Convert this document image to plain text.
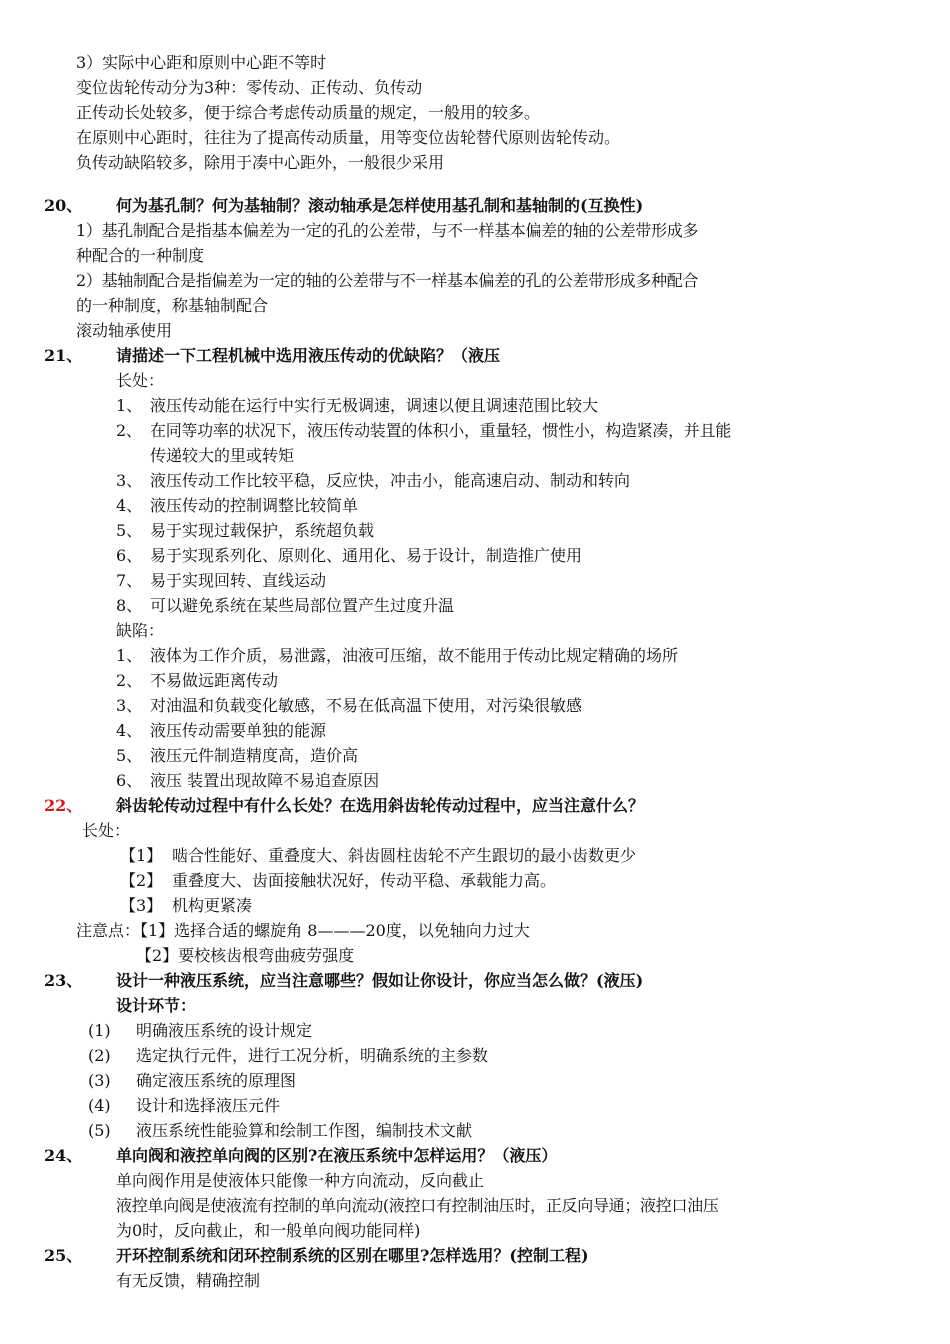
3）实际中心距和原则中心距不等时
变位齿轮传动分为3种：零传动、正传动、负传动
正传动长处较多，便于综合考虑传动质量的规定，一般用的较多。
在原则中心距时，往往为了提高传动质量，用等变位齿轮替代原则齿轮传动。
负传动缺陷较多，除用于凑中心距外，一般很少采用
20、 何为基孔制？何为基轴制？滚动轴承是怎样使用基孔制和基轴制的(互换性)
1）基孔制配合是指基本偏差为一定的孔的公差带，与不一样基本偏差的轴的公差带形成多
种配合的一种制度
2）基轴制配合是指偏差为一定的轴的公差带与不一样基本偏差的孔的公差带形成多种配合
的一种制度，称基轴制配合
滚动轴承使用
21、 请描述一下工程机械中选用液压传动的优缺陷？（液压
长处：
1、 液压传动能在运行中实行无极调速，调速以便且调速范围比较大
2、 在同等功率的状况下，液压传动装置的体积小，重量轻，惯性小，构造紧凑，并且能
传递较大的里或转矩
3、 液压传动工作比较平稳，反应快，冲击小，能高速启动、制动和转向
4、 液压传动的控制调整比较简单
5、 易于实现过载保护，系统超负载
6、 易于实现系列化、原则化、通用化、易于设计，制造推广使用
7、 易于实现回转、直线运动
8、 可以避免系统在某些局部位置产生过度升温
缺陷：
1、 液体为工作介质，易泄露，油液可压缩，故不能用于传动比规定精确的场所
2、 不易做远距离传动
3、 对油温和负载变化敏感，不易在低高温下使用，对污染很敏感
4、 液压传动需要单独的能源
5、 液压元件制造精度高，造价高
6、 液压 装置出现故障不易追查原因
22、 斜齿轮传动过程中有什么长处？在选用斜齿轮传动过程中，应当注意什么？
长处：
【1】 啮合性能好、重叠度大、斜齿圆柱齿轮不产生跟切的最小齿数更少
【2】 重叠度大、齿面接触状况好，传动平稳、承载能力高。
【3】 机构更紧凑
注意点：【1】选择合适的螺旋角 8———20度，以免轴向力过大
【2】要校核齿根弯曲疲劳强度
23、 设计一种液压系统，应当注意哪些？假如让你设计，你应当怎么做？(液压)
设计环节：
(1) 明确液压系统的设计规定
(2) 选定执行元件，进行工况分析，明确系统的主参数
(3) 确定液压系统的原理图
(4) 设计和选择液压元件
(5) 液压系统性能验算和绘制工作图，编制技术文献
24、 单向阀和液控单向阀的区别?在液压系统中怎样运用？（液压）
单向阀作用是使液体只能像一种方向流动，反向截止
液控单向阀是使液流有控制的单向流动(液控口有控制油压时，正反向导通；液控口油压
为0时，反向截止，和一般单向阀功能同样)
25、 开环控制系统和闭环控制系统的区别在哪里?怎样选用？(控制工程)
有无反馈，精确控制
